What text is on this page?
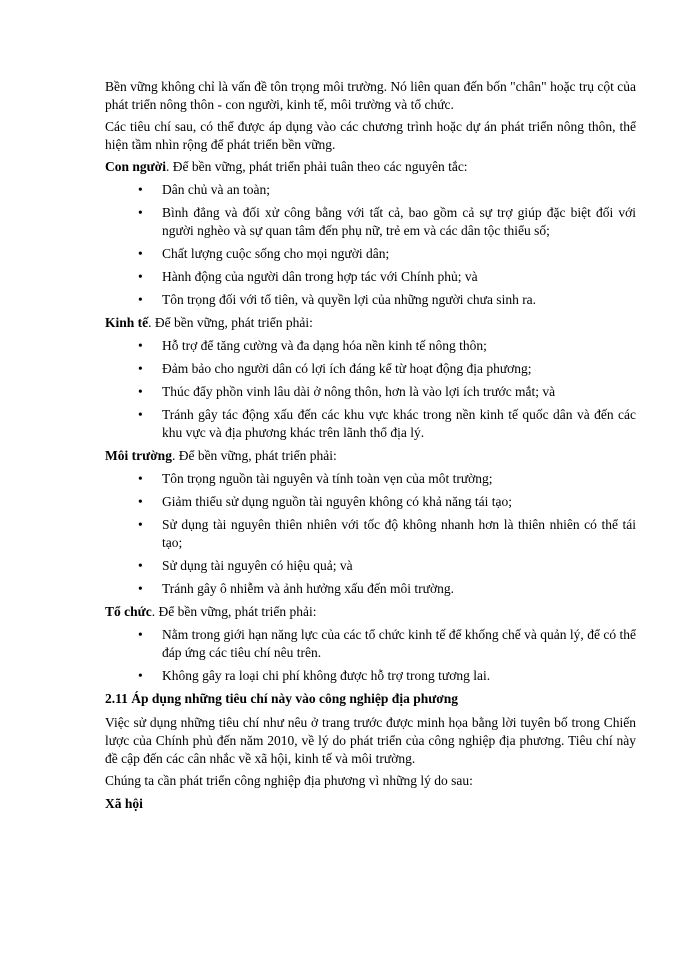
Bền vững không chỉ là vấn đề tôn trọng môi trường. Nó liên quan đến bốn "chân" hoặc trụ cột của phát triển nông thôn - con người, kinh tế, môi trường và tổ chức.

Các tiêu chí sau, có thể được áp dụng vào các chương trình hoặc dự án phát triển nông thôn, thể hiện tầm nhìn rộng để phát triển bền vững.

Con người. Để bền vững, phát triển phải tuân theo các nguyên tắc:

• Dân chủ và an toàn;
• Bình đẳng và đối xử công bằng với tất cả, bao gồm cả sự trợ giúp đặc biệt đối với người nghèo và sự quan tâm đến phụ nữ, trẻ em và các dân tộc thiểu số;
• Chất lượng cuộc sống cho mọi người dân;
• Hành động của người dân trong hợp tác với Chính phủ; và
• Tôn trọng đối với tổ tiên, và quyền lợi của những người chưa sinh ra.

Kinh tế. Để bền vững, phát triển phải:

• Hỗ trợ để tăng cường và đa dạng hóa nền kinh tế nông thôn;
• Đảm bảo cho người dân có lợi ích đáng kể từ hoạt động địa phương;
• Thúc đẩy phồn vinh lâu dài ở nông thôn, hơn là vào lợi ích trước mắt; và
• Tránh gây tác động xấu đến các khu vực khác trong nền kinh tế quốc dân và đến các khu vực và địa phương khác trên lãnh thổ địa lý.

Môi trường. Để bền vững, phát triển phải:

• Tôn trọng nguồn tài nguyên và tính toàn vẹn của môt trường;
• Giảm thiểu sử dụng nguồn tài nguyên không có khả năng tái tạo;
• Sử dụng tài nguyên thiên nhiên với tốc độ không nhanh hơn là thiên nhiên có thể tái tạo;
• Sử dụng tài nguyên có hiệu quả; và
• Tránh gây ô nhiễm và ảnh hưởng xấu đến môi trường.

Tổ chức. Để bền vững, phát triển phải:

• Nằm trong giới hạn năng lực của các tổ chức kinh tế để khống chế và quản lý, để có thể đáp ứng các tiêu chí nêu trên.
• Không gây ra loại chi phí không được hỗ trợ trong tương lai.
2.11 Áp dụng những tiêu chí này vào công nghiệp địa phương

Việc sử dụng những tiêu chí như nêu ở trang trước được minh họa bằng lời tuyên bố trong Chiến lược của Chính phủ đến năm 2010, về lý do phát triển của công nghiệp địa phương. Tiêu chí này đề cập đến các cân nhắc về xã hội, kinh tế và môi trường.

Chúng ta cần phát triển công nghiệp địa phương vì những lý do sau:

Xã hội
